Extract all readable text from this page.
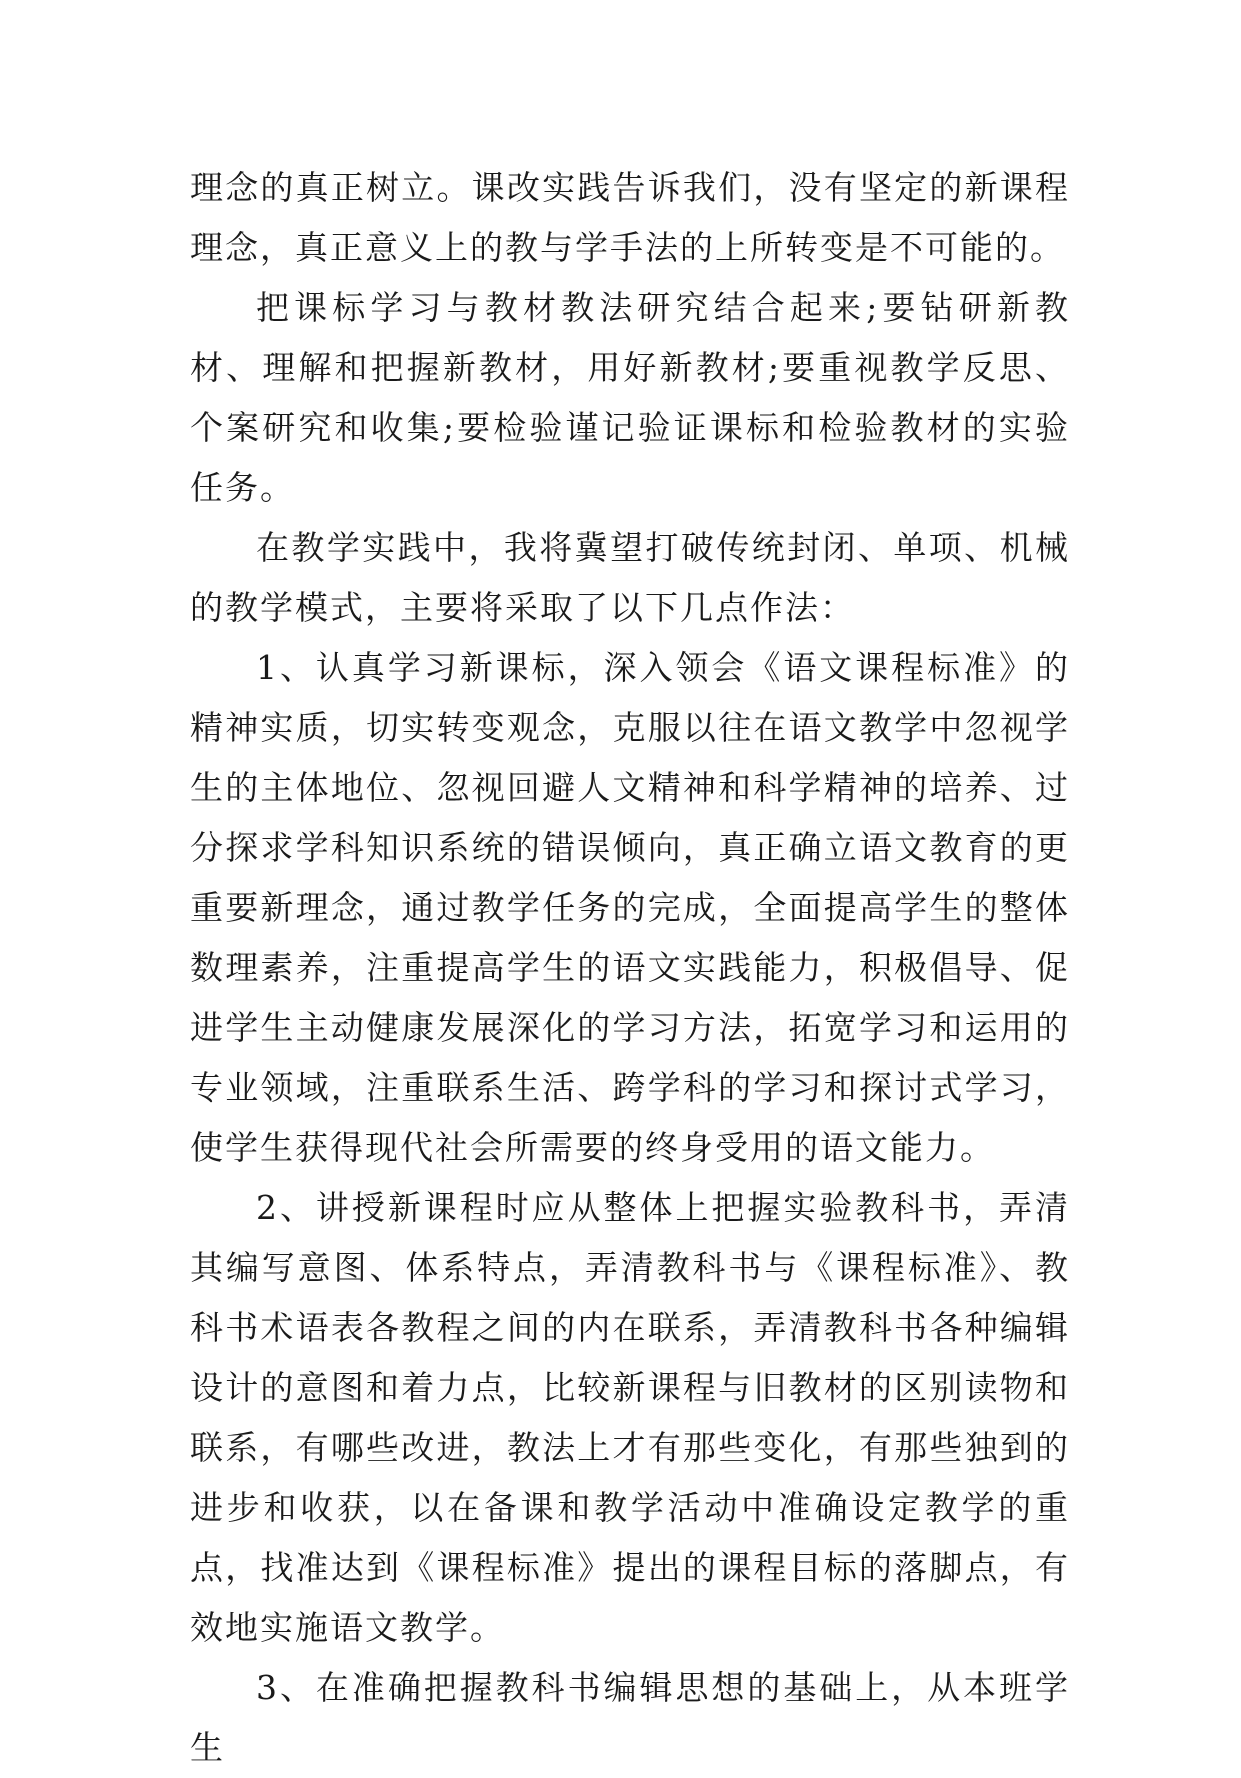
理念的真正树立。课改实践告诉我们，没有坚定的新课程理念，真正意义上的教与学手法的上所转变是不可能的。

把课标学习与教材教法研究结合起来;要钻研新教材、理解和把握新教材，用好新教材;要重视教学反思、个案研究和收集;要检验谨记验证课标和检验教材的实验任务。

在教学实践中，我将冀望打破传统封闭、单项、机械的教学模式，主要将采取了以下几点作法：

1、认真学习新课标，深入领会《语文课程标准》的精神实质，切实转变观念，克服以往在语文教学中忽视学生的主体地位、忽视回避人文精神和科学精神的培养、过分探求学科知识系统的错误倾向，真正确立语文教育的更重要新理念，通过教学任务的完成，全面提高学生的整体数理素养，注重提高学生的语文实践能力，积极倡导、促进学生主动健康发展深化的学习方法，拓宽学习和运用的专业领域，注重联系生活、跨学科的学习和探讨式学习，使学生获得现代社会所需要的终身受用的语文能力。

2、讲授新课程时应从整体上把握实验教科书，弄清其编写意图、体系特点，弄清教科书与《课程标准》、教科书术语表各教程之间的内在联系，弄清教科书各种编辑设计的意图和着力点，比较新课程与旧教材的区别读物和联系，有哪些改进，教法上才有那些变化，有那些独到的进步和收获，以在备课和教学活动中准确设定教学的重点，找准达到《课程标准》提出的课程目标的落脚点，有效地实施语文教学。

3、在准确把握教科书编辑思想的基础上，从本班学生
